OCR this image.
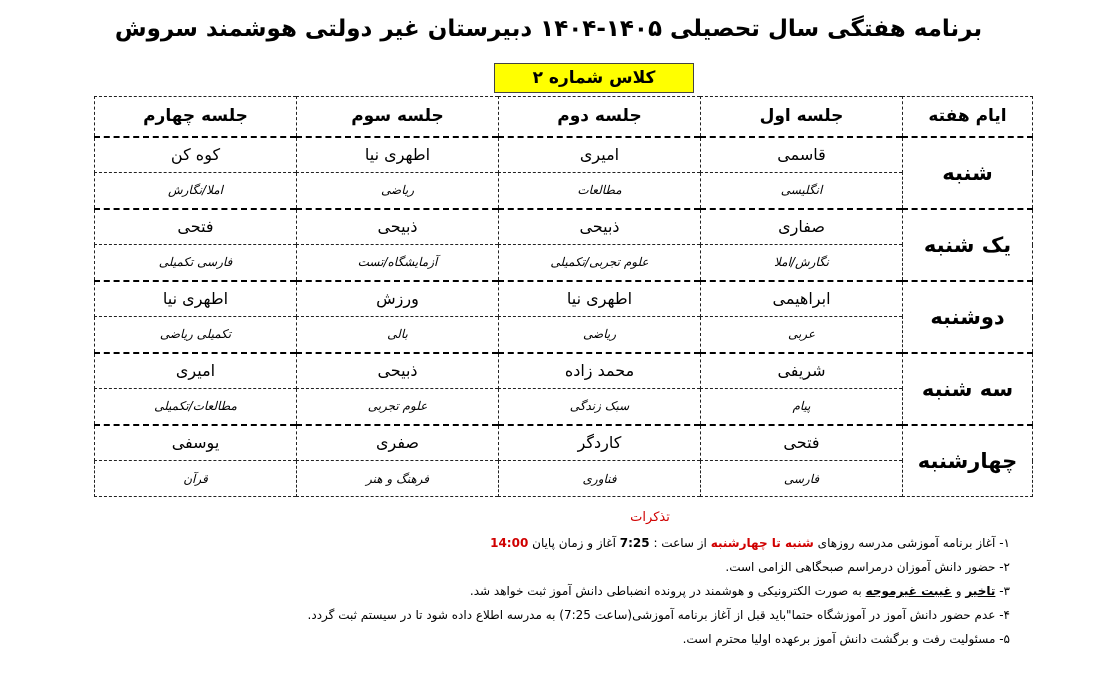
برنامه هفتگی سال تحصیلی ۱۴۰۵-۱۴۰۴ دبیرستان غیر دولتی هوشمند سروش
کلاس شماره ۲
ایام هفته	جلسه اول	جلسه دوم	جلسه سوم	جلسه چهارم
شنبه	قاسمی	امیری	اطهری نیا	کوه کن
	انگلیسی	مطالعات	ریاضی	املا/نگارش
یک شنبه	صفاری	ذبیحی	ذبیحی	فتحی
	نگارش/املا	علوم تجربی/تکمیلی	آزمایشگاه/تست	فارسی تکمیلی
دوشنبه	ابراهیمی	اطهری نیا	ورزش	اطهری نیا
	عربی	ریاضی	بالی	تکمیلی ریاضی
سه شنبه	شریفی	محمد زاده	ذبیحی	امیری
	پیام	سبک زندگی	علوم تجربی	مطالعات/تکمیلی
چهارشنبه	فتحی	کاردگر	صفری	یوسفی
	فارسی	فناوری	فرهنگ و هنر	قرآن
تذکرات
۱- آغاز برنامه آموزشی مدرسه روزهای شنبه تا چهارشنبه از ساعت : 7:25 آغاز و زمان پایان 14:00
۲- حضور دانش آموزان درمراسم صبحگاهی الزامی است.
۳- تاخیر و غیبت غیرموجه به صورت الکترونیکی و هوشمند در پرونده انضباطی دانش آموز ثبت خواهد شد.
۴- عدم حضور دانش آموز در آموزشگاه حتما"باید قبل از آغاز برنامه آموزشی(ساعت 7:25) به مدرسه اطلاع داده شود تا در سیستم ثبت گردد.
۵- مسئولیت رفت و برگشت دانش آموز برعهده اولیا محترم است.
